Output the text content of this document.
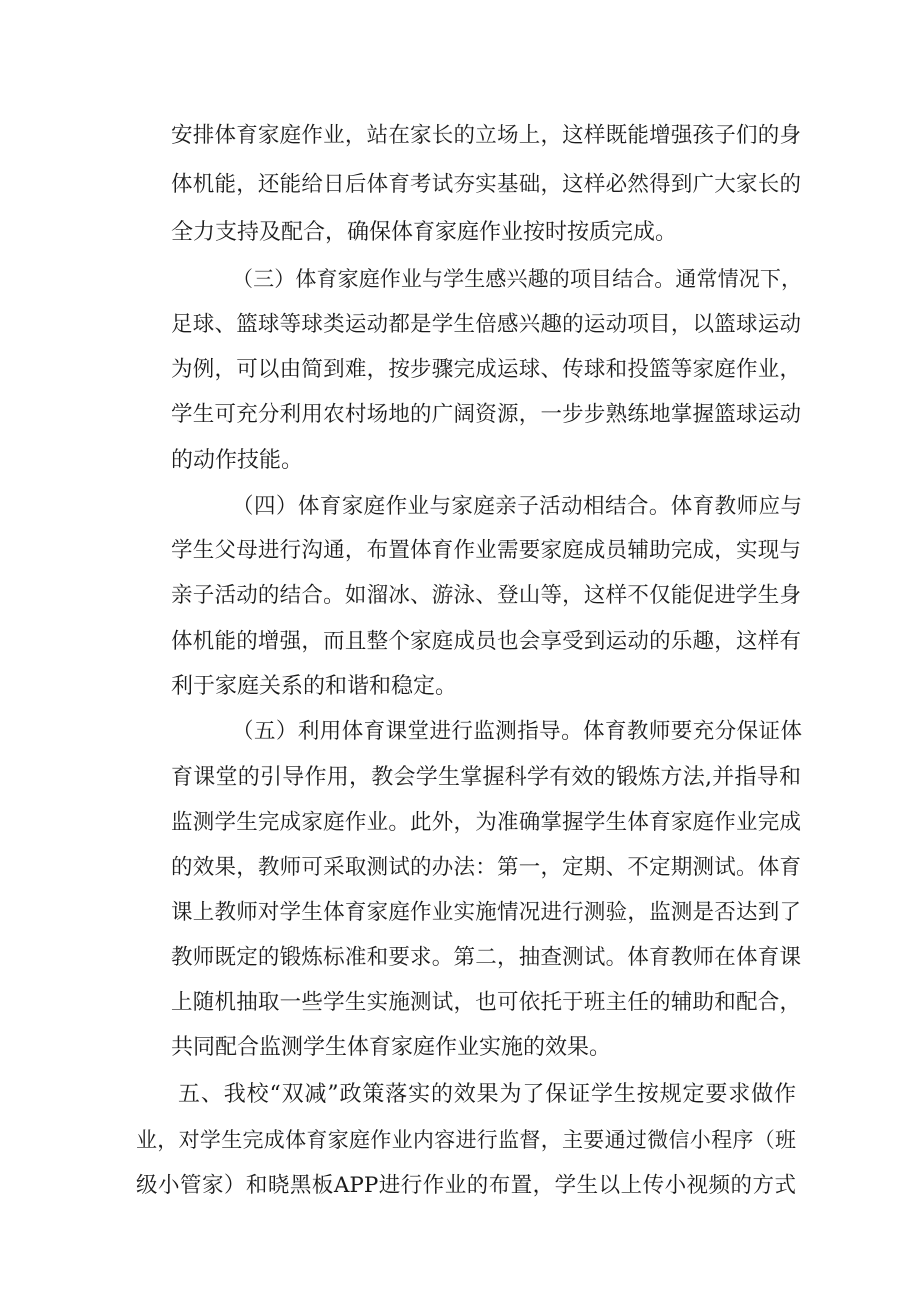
安排体育家庭作业，站在家长的立场上，这样既能增强孩子们的身
体机能，还能给日后体育考试夯实基础，这样必然得到广大家长的
全力支持及配合，确保体育家庭作业按时按质完成。
（三）体育家庭作业与学生感兴趣的项目结合。通常情况下，
足球、篮球等球类运动都是学生倍感兴趣的运动项目，以篮球运动
为例，可以由简到难，按步骤完成运球、传球和投篮等家庭作业，
学生可充分利用农村场地的广阔资源，一步步熟练地掌握篮球运动
的动作技能。
（四）体育家庭作业与家庭亲子活动相结合。体育教师应与
学生父母进行沟通，布置体育作业需要家庭成员辅助完成，实现与
亲子活动的结合。如溜冰、游泳、登山等，这样不仅能促进学生身
体机能的增强，而且整个家庭成员也会享受到运动的乐趣，这样有
利于家庭关系的和谐和稳定。
（五）利用体育课堂进行监测指导。体育教师要充分保证体
育课堂的引导作用，教会学生掌握科学有效的锻炼方法,并指导和
监测学生完成家庭作业。此外，为准确掌握学生体育家庭作业完成
的效果，教师可采取测试的办法：第一，定期、不定期测试。体育
课上教师对学生体育家庭作业实施情况进行测验，监测是否达到了
教师既定的锻炼标准和要求。第二，抽查测试。体育教师在体育课
上随机抽取一些学生实施测试，也可依托于班主任的辅助和配合，
共同配合监测学生体育家庭作业实施的效果。
五、我校“双减”政策落实的效果为了保证学生按规定要求做作
业，对学生完成体育家庭作业内容进行监督，主要通过微信小程序（班
级小管家）和晓黑板APP进行作业的布置，学生以上传小视频的方式
